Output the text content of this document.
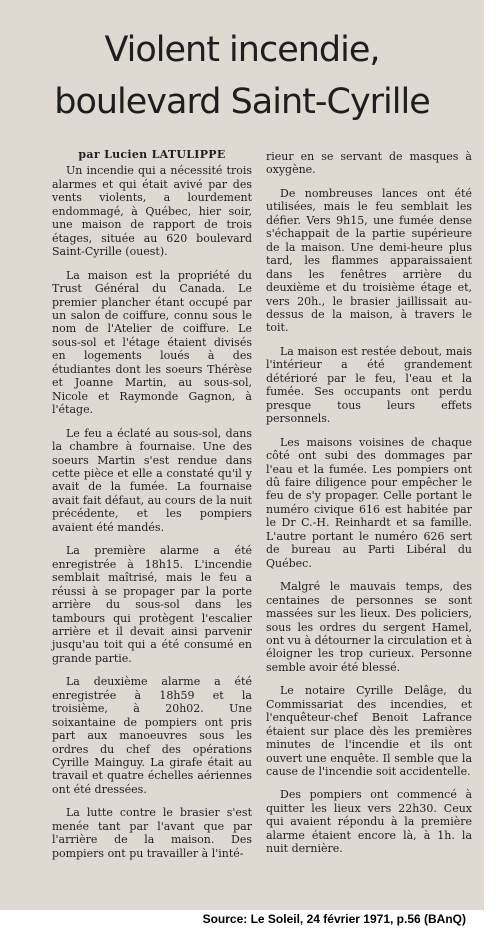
Violent incendie,
boulevard Saint-Cyrille
par Lucien LATULIPPE

Un incendie qui a nécessité trois alarmes et qui était avivé par des vents violents, a lourdement endommagé, à Québec, hier soir, une maison de rapport de trois étages, située au 620 boulevard Saint-Cyrille (ouest).

La maison est la propriété du Trust Général du Canada. Le premier plancher étant occupé par un salon de coiffure, connu sous le nom de l'Atelier de coiffure. Le sous-sol et l'étage étaient divisés en logements loués à des étudiantes dont les soeurs Thérèse et Joanne Martin, au sous-sol, Nicole et Raymonde Gagnon, à l'étage.

Le feu a éclaté au sous-sol, dans la chambre à fournaise. Une des soeurs Martin s'est rendue dans cette pièce et elle a constaté qu'il y avait de la fumée. La fournaise avait fait défaut, au cours de la nuit précédente, et les pompiers avaient été mandés.

La première alarme a été enregistrée à 18h15. L'incendie semblait maîtrisé, mais le feu a réussi à se propager par la porte arrière du sous-sol dans les tambours qui protègent l'escalier arrière et il devait ainsi parvenir jusqu'au toit qui a été consumé en grande partie.

La deuxième alarme a été enregistrée à 18h59 et la troisième, à 20h02. Une soixantaine de pompiers ont pris part aux manoeuvres sous les ordres du chef des opérations Cyrille Mainguy. La girafe était au travail et quatre échelles aériennes ont été dressées.

La lutte contre le brasier s'est menée tant par l'avant que par l'arrière de la maison. Des pompiers ont pu travailler à l'inté-

rieur en se servant de masques à oxygène.

De nombreuses lances ont été utilisées, mais le feu semblait les défier. Vers 9h15, une fumée dense s'échappait de la partie supérieure de la maison. Une demi-heure plus tard, les flammes apparaissaient dans les fenêtres arrière du deuxième et du troisième étage et, vers 20h., le brasier jaillissait au-dessus de la maison, à travers le toit.

La maison est restée debout, mais l'intérieur a été grandement détérioré par le feu, l'eau et la fumée. Ses occupants ont perdu presque tous leurs effets personnels.

Les maisons voisines de chaque côté ont subi des dommages par l'eau et la fumée. Les pompiers ont dû faire diligence pour empêcher le feu de s'y propager. Celle portant le numéro civique 616 est habitée par le Dr C.-H. Reinhardt et sa famille. L'autre portant le numéro 626 sert de bureau au Parti Libéral du Québec.

Malgré le mauvais temps, des centaines de personnes se sont massées sur les lieux. Des policiers, sous les ordres du sergent Hamel, ont vu à détourner la circulation et à éloigner les trop curieux. Personne semble avoir été blessé.

Le notaire Cyrille Delâge, du Commissariat des incendies, et l'enquêteur-chef Benoit Lafrance étaient sur place dès les premières minutes de l'incendie et ils ont ouvert une enquête. Il semble que la cause de l'incendie soit accidentelle.

Des pompiers ont commencé à quitter les lieux vers 22h30. Ceux qui avaient répondu à la première alarme étaient encore là, à 1h. la nuit dernière.

Source: Le Soleil, 24 février 1971, p.56 (BAnQ)
